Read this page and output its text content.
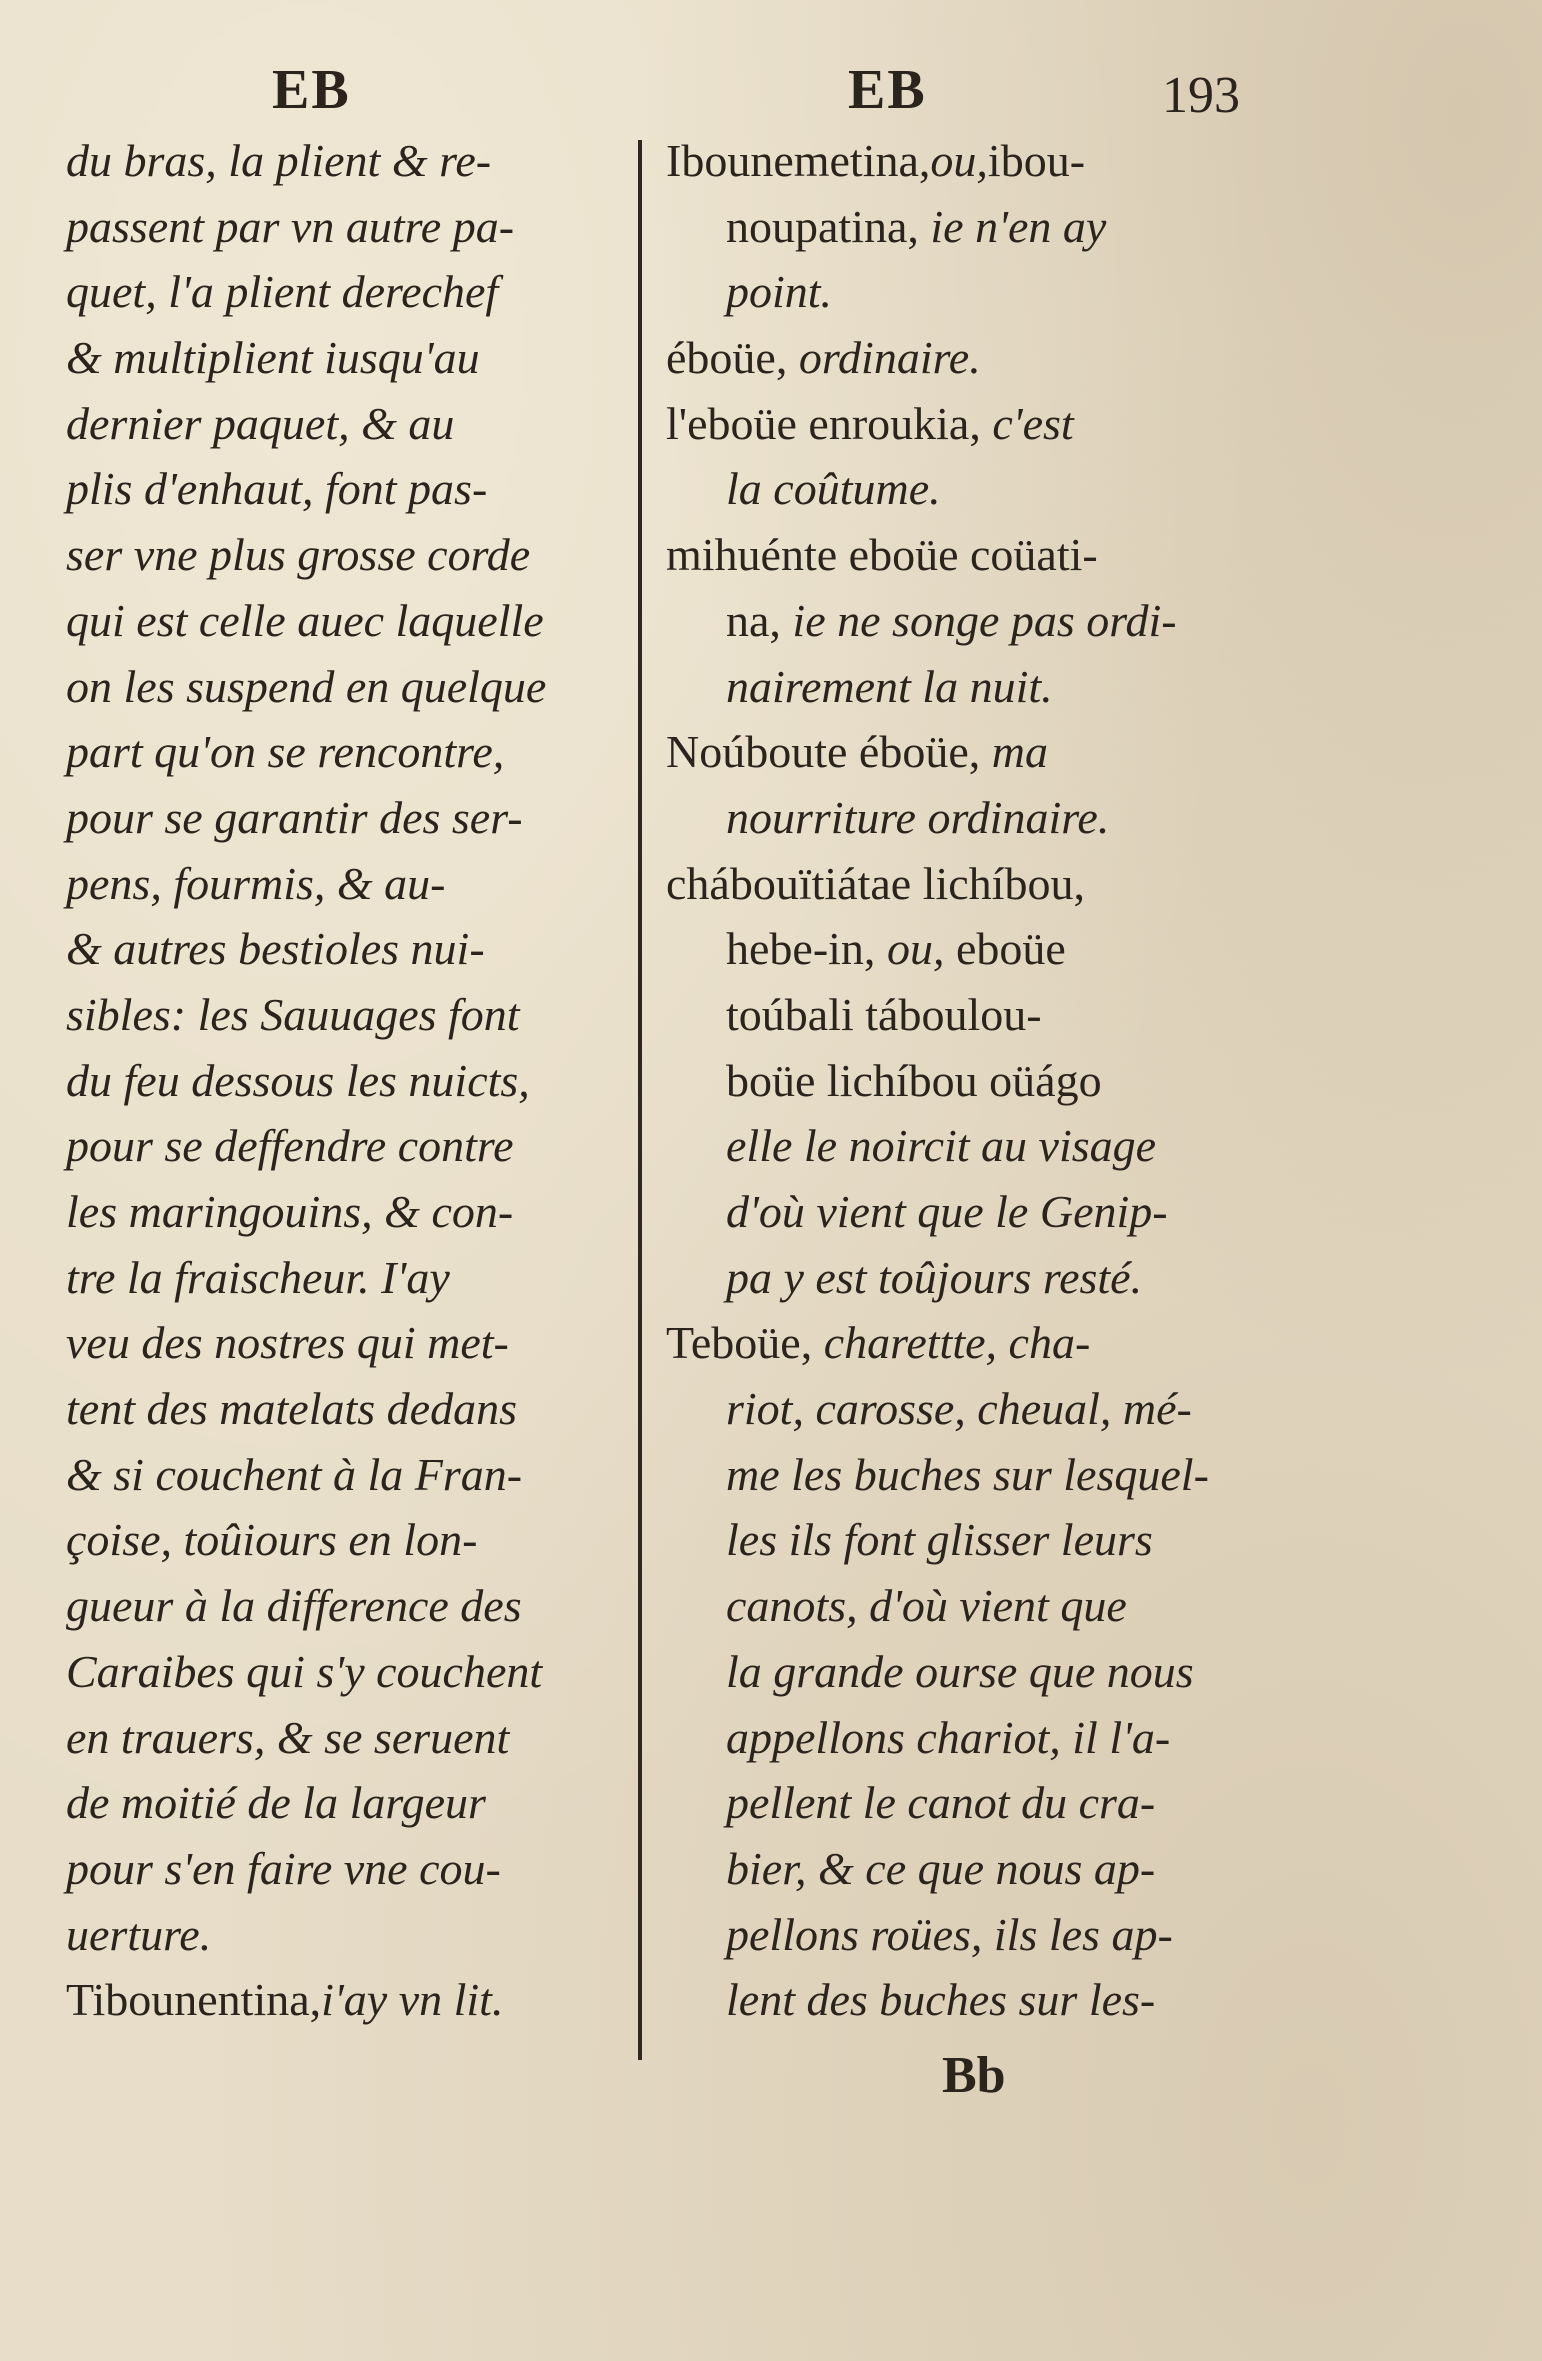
EB	EB	193
du bras, la plient & re-
passent par vn autre pa-
quet, l'a plient derechef
& multiplient iusqu'au
dernier paquet, & au
plis d'enhaut, font pas-
ser vne plus grosse corde
qui est celle auec laquelle
on les suspend en quelque
part qu'on se rencontre,
pour se garantir des ser-
pens, fourmis, & au-
& autres bestioles nui-
sibles: les Sauuages font
du feu dessous les nuicts,
pour se deffendre contre
les maringouins, & con-
tre la fraischeur. I'ay
veu des nostres qui met-
tent des matelats dedans
& si couchent à la Fran-
çoise, toûiours en lon-
gueur à la difference des
Caraibes qui s'y couchent
en trauers, & se seruent
de moitié de la largeur
pour s'en faire vne cou-
uerture.
Tibounentina,i'ay vn lit.
Ibounemetina,ou,ibou-
noupatina, ie n'en ay
point.
éboüe, ordinaire.
l'eboüe enroukia, c'est
la coûtume.
mihuénte eboüe coüati-
na, ie ne songe pas ordi-
nairement la nuit.
Noúboute éboüe, ma
nourriture ordinaire.
chábouïtiátae lichíbou,
hebe-in, ou, eboüe
toúbali táboulou-
boüe lichíbou oüágo
elle le noircit au visage
d'où vient que le Genip-
pa y est toûjours resté.
Teboüe, charettte, cha-
riot, carosse, cheual, mé-
me les buches sur lesquel-
les ils font glisser leurs
canots, d'où vient que
la grande ourse que nous
appellons chariot, il l'a-
pellent le canot du cra-
bier, & ce que nous ap-
pellons roües, ils les ap-
lent des buches sur les-
Bb
